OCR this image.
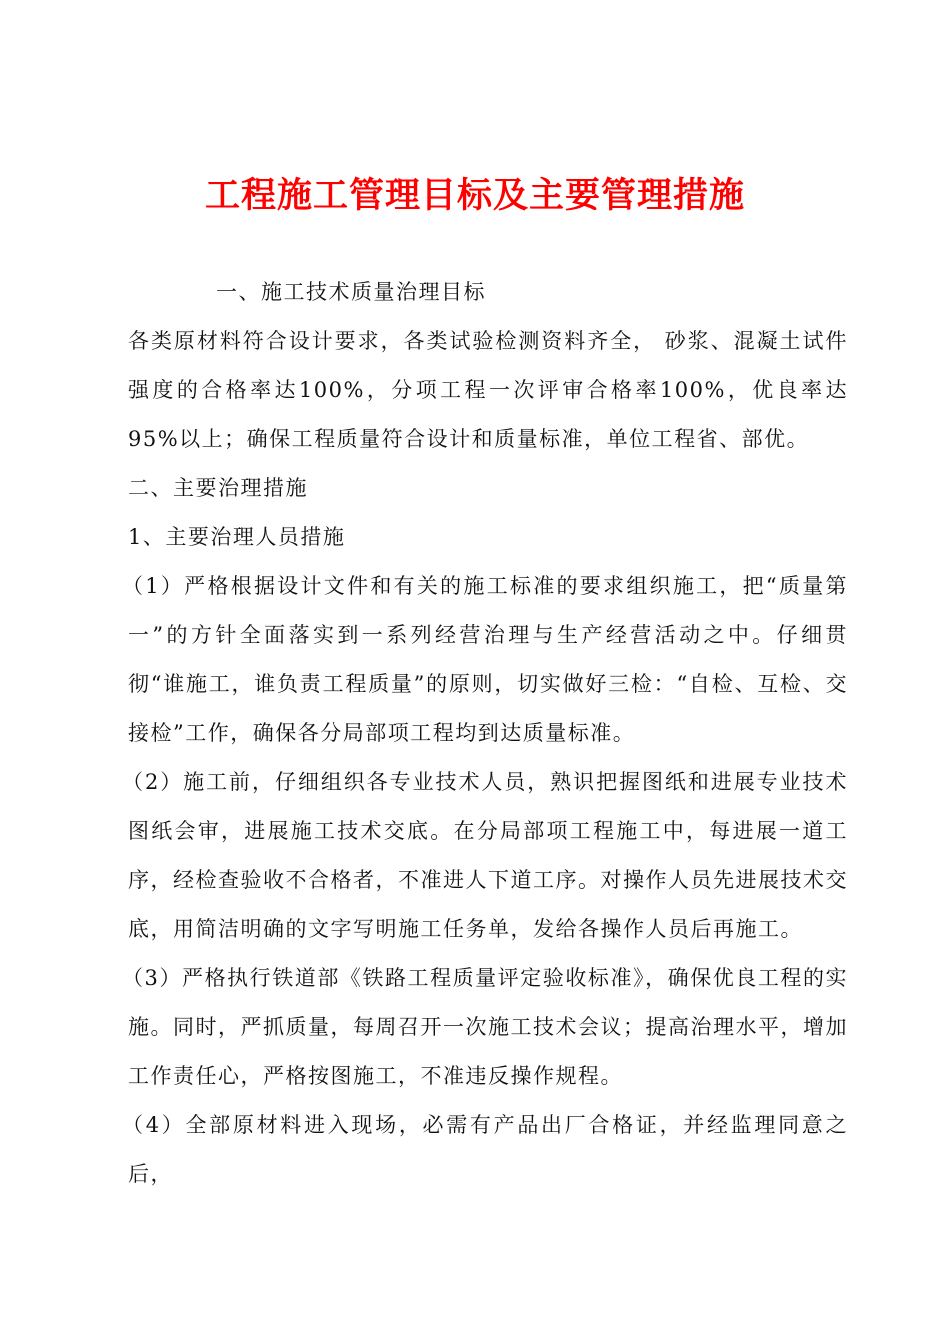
工程施工管理目标及主要管理措施

一、施工技术质量治理目标

各类原材料符合设计要求，各类试验检测资料齐全， 砂浆、混凝土试件强度的合格率达100%，分项工程一次评审合格率100%，优良率达95%以上；确保工程质量符合设计和质量标准，单位工程省、部优。

二、主要治理措施

1、主要治理人员措施

（1）严格根据设计文件和有关的施工标准的要求组织施工，把“质量第一”的方针全面落实到一系列经营治理与生产经营活动之中。仔细贯彻“谁施工，谁负责工程质量”的原则，切实做好三检：“自检、互检、交接检”工作，确保各分局部项工程均到达质量标准。

（2）施工前，仔细组织各专业技术人员，熟识把握图纸和进展专业技术图纸会审，进展施工技术交底。在分局部项工程施工中，每进展一道工序，经检查验收不合格者，不准进人下道工序。对操作人员先进展技术交底，用简洁明确的文字写明施工任务单，发给各操作人员后再施工。

（3）严格执行铁道部《铁路工程质量评定验收标准》，确保优良工程的实施。同时，严抓质量，每周召开一次施工技术会议；提高治理水平，增加工作责任心，严格按图施工，不准违反操作规程。

（4）全部原材料进入现场，必需有产品出厂合格证，并经监理同意之后，
